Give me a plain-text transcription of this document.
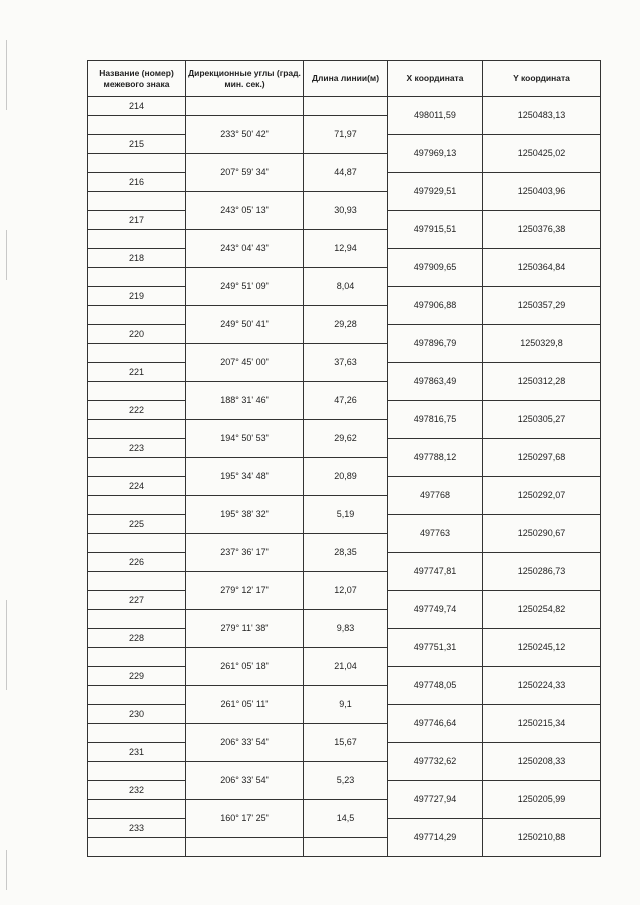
Название (номер) межевого знака	Дирекционные углы (град. мин. сек.)	Длина линии(м)	X координата	Y координата
214			498011,59	1250483,13
	233° 50' 42"	71,97		
215			497969,13	1250425,02
	207° 59' 34"	44,87		
216			497929,51	1250403,96
	243° 05' 13"	30,93		
217			497915,51	1250376,38
	243° 04' 43"	12,94		
218			497909,65	1250364,84
	249° 51' 09"	8,04		
219			497906,88	1250357,29
	249° 50' 41"	29,28		
220			497896,79	1250329,8
	207° 45' 00"	37,63		
221			497863,49	1250312,28
	188° 31' 46"	47,26		
222			497816,75	1250305,27
	194° 50' 53"	29,62		
223			497788,12	1250297,68
	195° 34' 48"	20,89		
224			497768	1250292,07
	195° 38' 32"	5,19		
225			497763	1250290,67
	237° 36' 17"	28,35		
226			497747,81	1250286,73
	279° 12' 17"	12,07		
227			497749,74	1250254,82
	279° 11' 38"	9,83		
228			497751,31	1250245,12
	261° 05' 18"	21,04		
229			497748,05	1250224,33
	261° 05' 11"	9,1		
230			497746,64	1250215,34
	206° 33' 54"	15,67		
231			497732,62	1250208,33
	206° 33' 54"	5,23		
232			497727,94	1250205,99
	160° 17' 25"	14,5		
233			497714,29	1250210,88
